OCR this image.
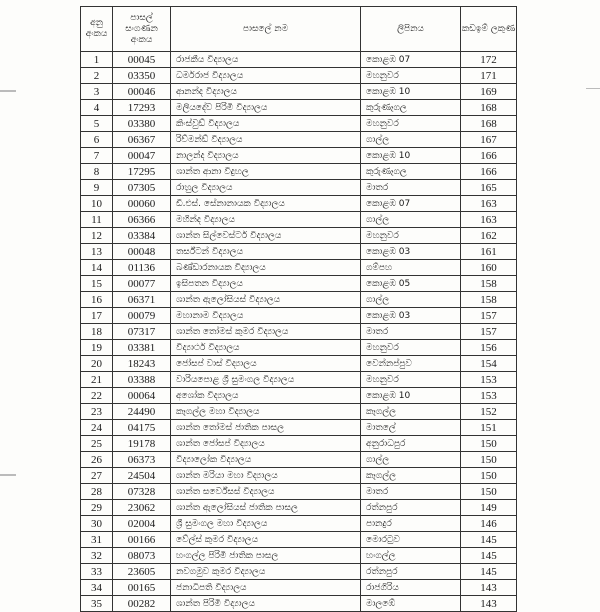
අනු අංකය	පාසල් සංගණන අංකය	පාසලේ නම	ලිපිනය	කඩඉම් ලකුණ
1	00045	රාජකීය විද්‍යාලය	කොළඹ 07	172
2	03350	ධර්මරාජ විද්‍යාලය	මහනුවර	171
3	00046	ආනන්ද විද්‍යාලය	කොළඹ 10	169
4	17293	මලියදේව පිරිමි විද්‍යාලය	කුරුණෑගල	168
5	03380	කිංස්වුඩ් විද්‍යාලය	මහනුවර	168
6	06367	රිච්මන්ඩ් විද්‍යාලය	ගාල්ල	167
7	00047	නාලන්ද විද්‍යාලය	කොළඹ 10	166
8	17295	ශාන්ත ආනා විදුහල	කුරුණෑගල	166
9	07305	රාහුල විද්‍යාලය	මාතර	165
10	00060	ඩී.එස්. සේනානායක විද්‍යාලය	කොළඹ 07	163
11	06366	මහින්ද විද්‍යාලය	ගාල්ල	163
12	03384	ශාන්ත සිල්වෙස්ටර් විද්‍යාලය	මහනුවර	162
13	00048	තර්ස්ටන් විද්‍යාලය	කොළඹ 03	161
14	01136	බණ්ඩාරනායක විද්‍යාලය	ගම්පහ	160
15	00077	ඉසිපතන විද්‍යාලය	කොළඹ 05	158
16	06371	ශාන්ත ඇලෝසියස් විද්‍යාලය	ගාල්ල	158
17	00079	මහානාම විද්‍යාලය	කොළඹ 03	157
18	07317	ශාන්ත තෝමස් කුමර විද්‍යාලය	මාතර	157
19	03381	විද්‍යාර්ථ විද්‍යාලය	මහනුවර	156
20	18243	ජෝසප් වාස් විද්‍යාලය	වෙන්නප්පුව	154
21	03388	වාරියපොළ ශ්‍රී සුමංගල විද්‍යාලය	මහනුවර	153
22	00064	අශෝක විද්‍යාලය	කොළඹ 10	153
23	24490	කෑගල්ල මහා විද්‍යාලය	කෑගල්ල	152
24	04175	ශාන්ත තෝමස් ජාතික පාසල	මාතලේ	151
25	19178	ශාන්ත ජෝසප් විද්‍යාලය	අනුරාධපුර	150
26	06373	විද්‍යාලෝක විද්‍යාලය	ගාල්ල	150
27	24504	ශාන්ත මරියා මහා විද්‍යාලය	කෑගල්ල	150
28	07328	ශාන්ත සර්වේසස් විද්‍යාලය	මාතර	150
29	23062	ශාන්ත ඇලෝසියස් ජාතික පාසල	රත්නපුර	149
30	02004	ශ්‍රී සුමංගල මහා විද්‍යාලය	පානදුර	146
31	00166	වේල්ස් කුමර විද්‍යාලය	මොරටුව	145
32	08073	හංගල්ල පිරිමි ජාතික පාසල	හංගල්ල	145
33	23605	නවගමුව කුමර විද්‍යාලය	රත්නපුර	145
34	00165	ජනාධිපති විද්‍යාලය	රාජගිරිය	143
35	00282	ශාන්ත පිරිමි විද්‍යාලය	මාලඹේ	143
